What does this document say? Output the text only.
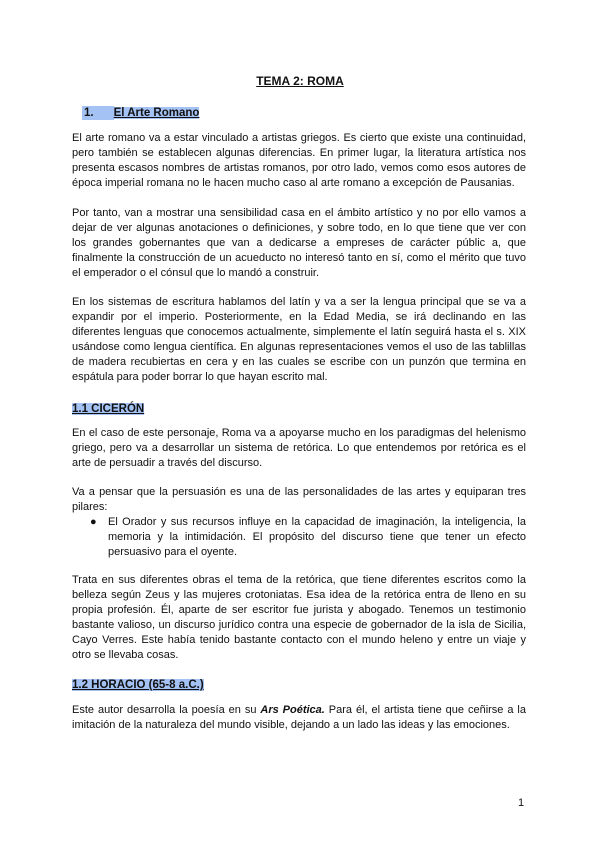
TEMA 2: ROMA
1. El Arte Romano

El arte romano va a estar vinculado a artistas griegos. Es cierto que existe una continuidad, pero también se establecen algunas diferencias. En primer lugar, la literatura artística nos presenta escasos nombres de artistas romanos, por otro lado, vemos como esos autores de época imperial romana no le hacen mucho caso al arte romano a excepción de Pausanias.

Por tanto, van a mostrar una sensibilidad casa en el ámbito artístico y no por ello vamos a dejar de ver algunas anotaciones o definiciones, y sobre todo, en lo que tiene que ver con los grandes gobernantes que van a dedicarse a empreses de carácter públic a, que finalmente la construcción de un acueducto no interesó tanto en sí, como el mérito que tuvo el emperador o el cónsul que lo mandó a construir.

En los sistemas de escritura hablamos del latín y va a ser la lengua principal que se va a expandir por el imperio. Posteriormente, en la Edad Media, se irá declinando en las diferentes lenguas que conocemos actualmente, simplemente el latín seguirá hasta el s. XIX usándose como lengua científica. En algunas representaciones vemos el uso de las tablillas de madera recubiertas en cera y en las cuales se escribe con un punzón que termina en espátula para poder borrar lo que hayan escrito mal.

1.1 CICERÓN

En el caso de este personaje, Roma va a apoyarse mucho en los paradigmas del helenismo griego, pero va a desarrollar un sistema de retórica. Lo que entendemos por retórica es el arte de persuadir a través del discurso.

Va a pensar que la persuasión es una de las personalidades de las artes y equiparan tres pilares:

● El Orador y sus recursos influye en la capacidad de imaginación, la inteligencia, la memoria y la intimidación. El propósito del discurso tiene que tener un efecto persuasivo para el oyente.

Trata en sus diferentes obras el tema de la retórica, que tiene diferentes escritos como la belleza según Zeus y las mujeres crotoniatas. Esa idea de la retórica entra de lleno en su propia profesión. Él, aparte de ser escritor fue jurista y abogado. Tenemos un testimonio bastante valioso, un discurso jurídico contra una especie de gobernador de la isla de Sicilia, Cayo Verres. Este había tenido bastante contacto con el mundo heleno y entre un viaje y otro se llevaba cosas.

1.2 HORACIO (65-8 a.C.)

Este autor desarrolla la poesía en su Ars Poética. Para él, el artista tiene que ceñirse a la imitación de la naturaleza del mundo visible, dejando a un lado las ideas y las emociones.

1
